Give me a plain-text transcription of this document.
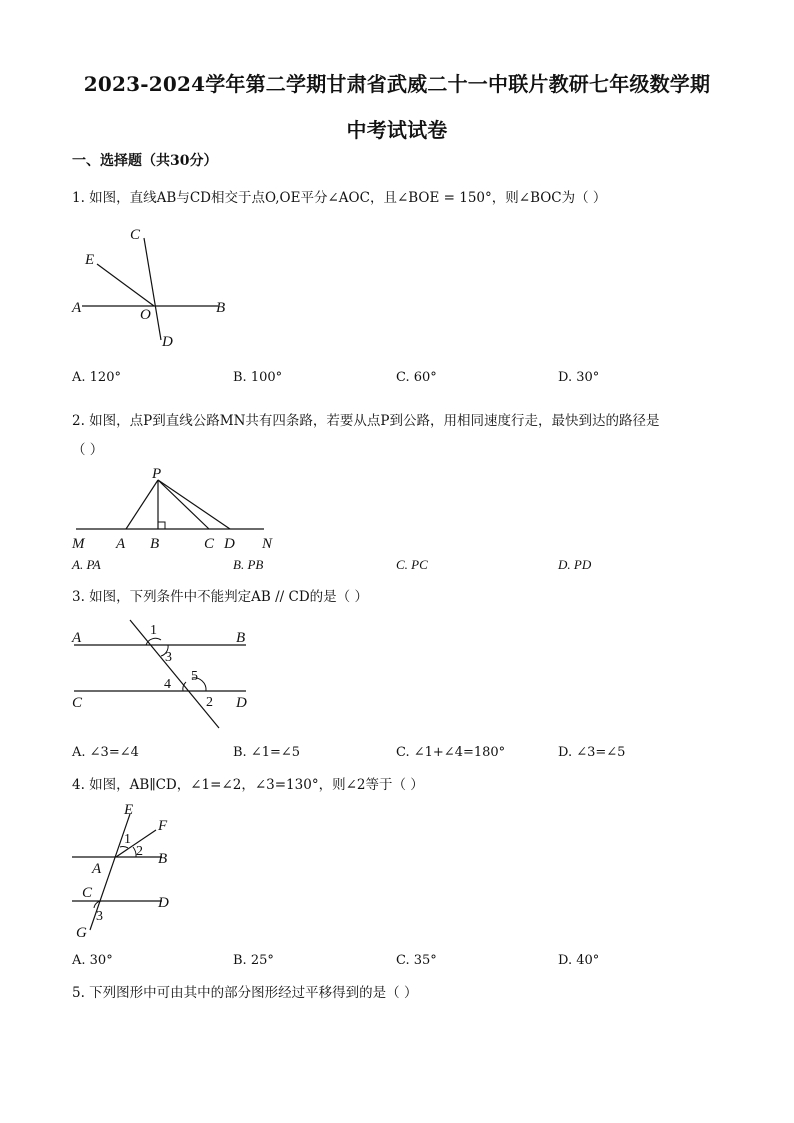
2023-2024学年第二学期甘肃省武威二十一中联片教研七年级数学期
中考试试卷
一、选择题（共30分）
1. 如图，直线AB与CD相交于点O,OE平分∠AOC，且∠BOE = 150°，则∠BOC为（ ）
C
E
A	O	B
D
A. 120°	B. 100°	C. 60°	D. 30°
2. 如图，点P到直线公路MN共有四条路，若要从点P到公路，用相同速度行走，最快到达的路径是
（ ）
P
M A B	C D N
A. PA	B. PB	C. PC	D. PD
3. 如图，下列条件中不能判定AB // CD的是（ ）
A	B
C	D
1
3
4
5
2
A. ∠3=∠4	B. ∠1=∠5	C. ∠1+∠4=180°	D. ∠3=∠5
4. 如图，AB∥CD，∠1=∠2，∠3=130°，则∠2等于（ ）
E
F
1
2
A
B
C
D
3
G
A. 30°	B. 25°	C. 35°	D. 40°
5. 下列图形中可由其中的部分图形经过平移得到的是（ ）
